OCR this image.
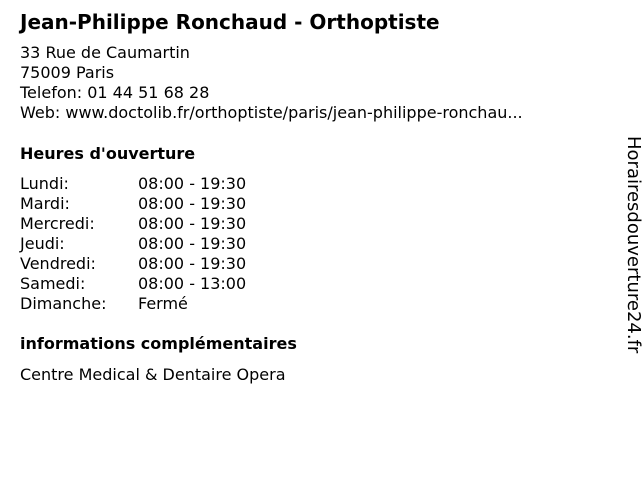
Jean-Philippe Ronchaud - Orthoptiste
33 Rue de Caumartin
75009 Paris
Telefon: 01 44 51 68 28
Web: www.doctolib.fr/orthoptiste/paris/jean-philippe-ronchau...
Heures d'ouverture
Lundi:	08:00 - 19:30
Mardi:	08:00 - 19:30
Mercredi:	08:00 - 19:30
Jeudi:	08:00 - 19:30
Vendredi:	08:00 - 19:30
Samedi:	08:00 - 13:00
Dimanche:	Fermé
informations complémentaires
Centre Medical & Dentaire Opera
Horairesdouverture24.fr
